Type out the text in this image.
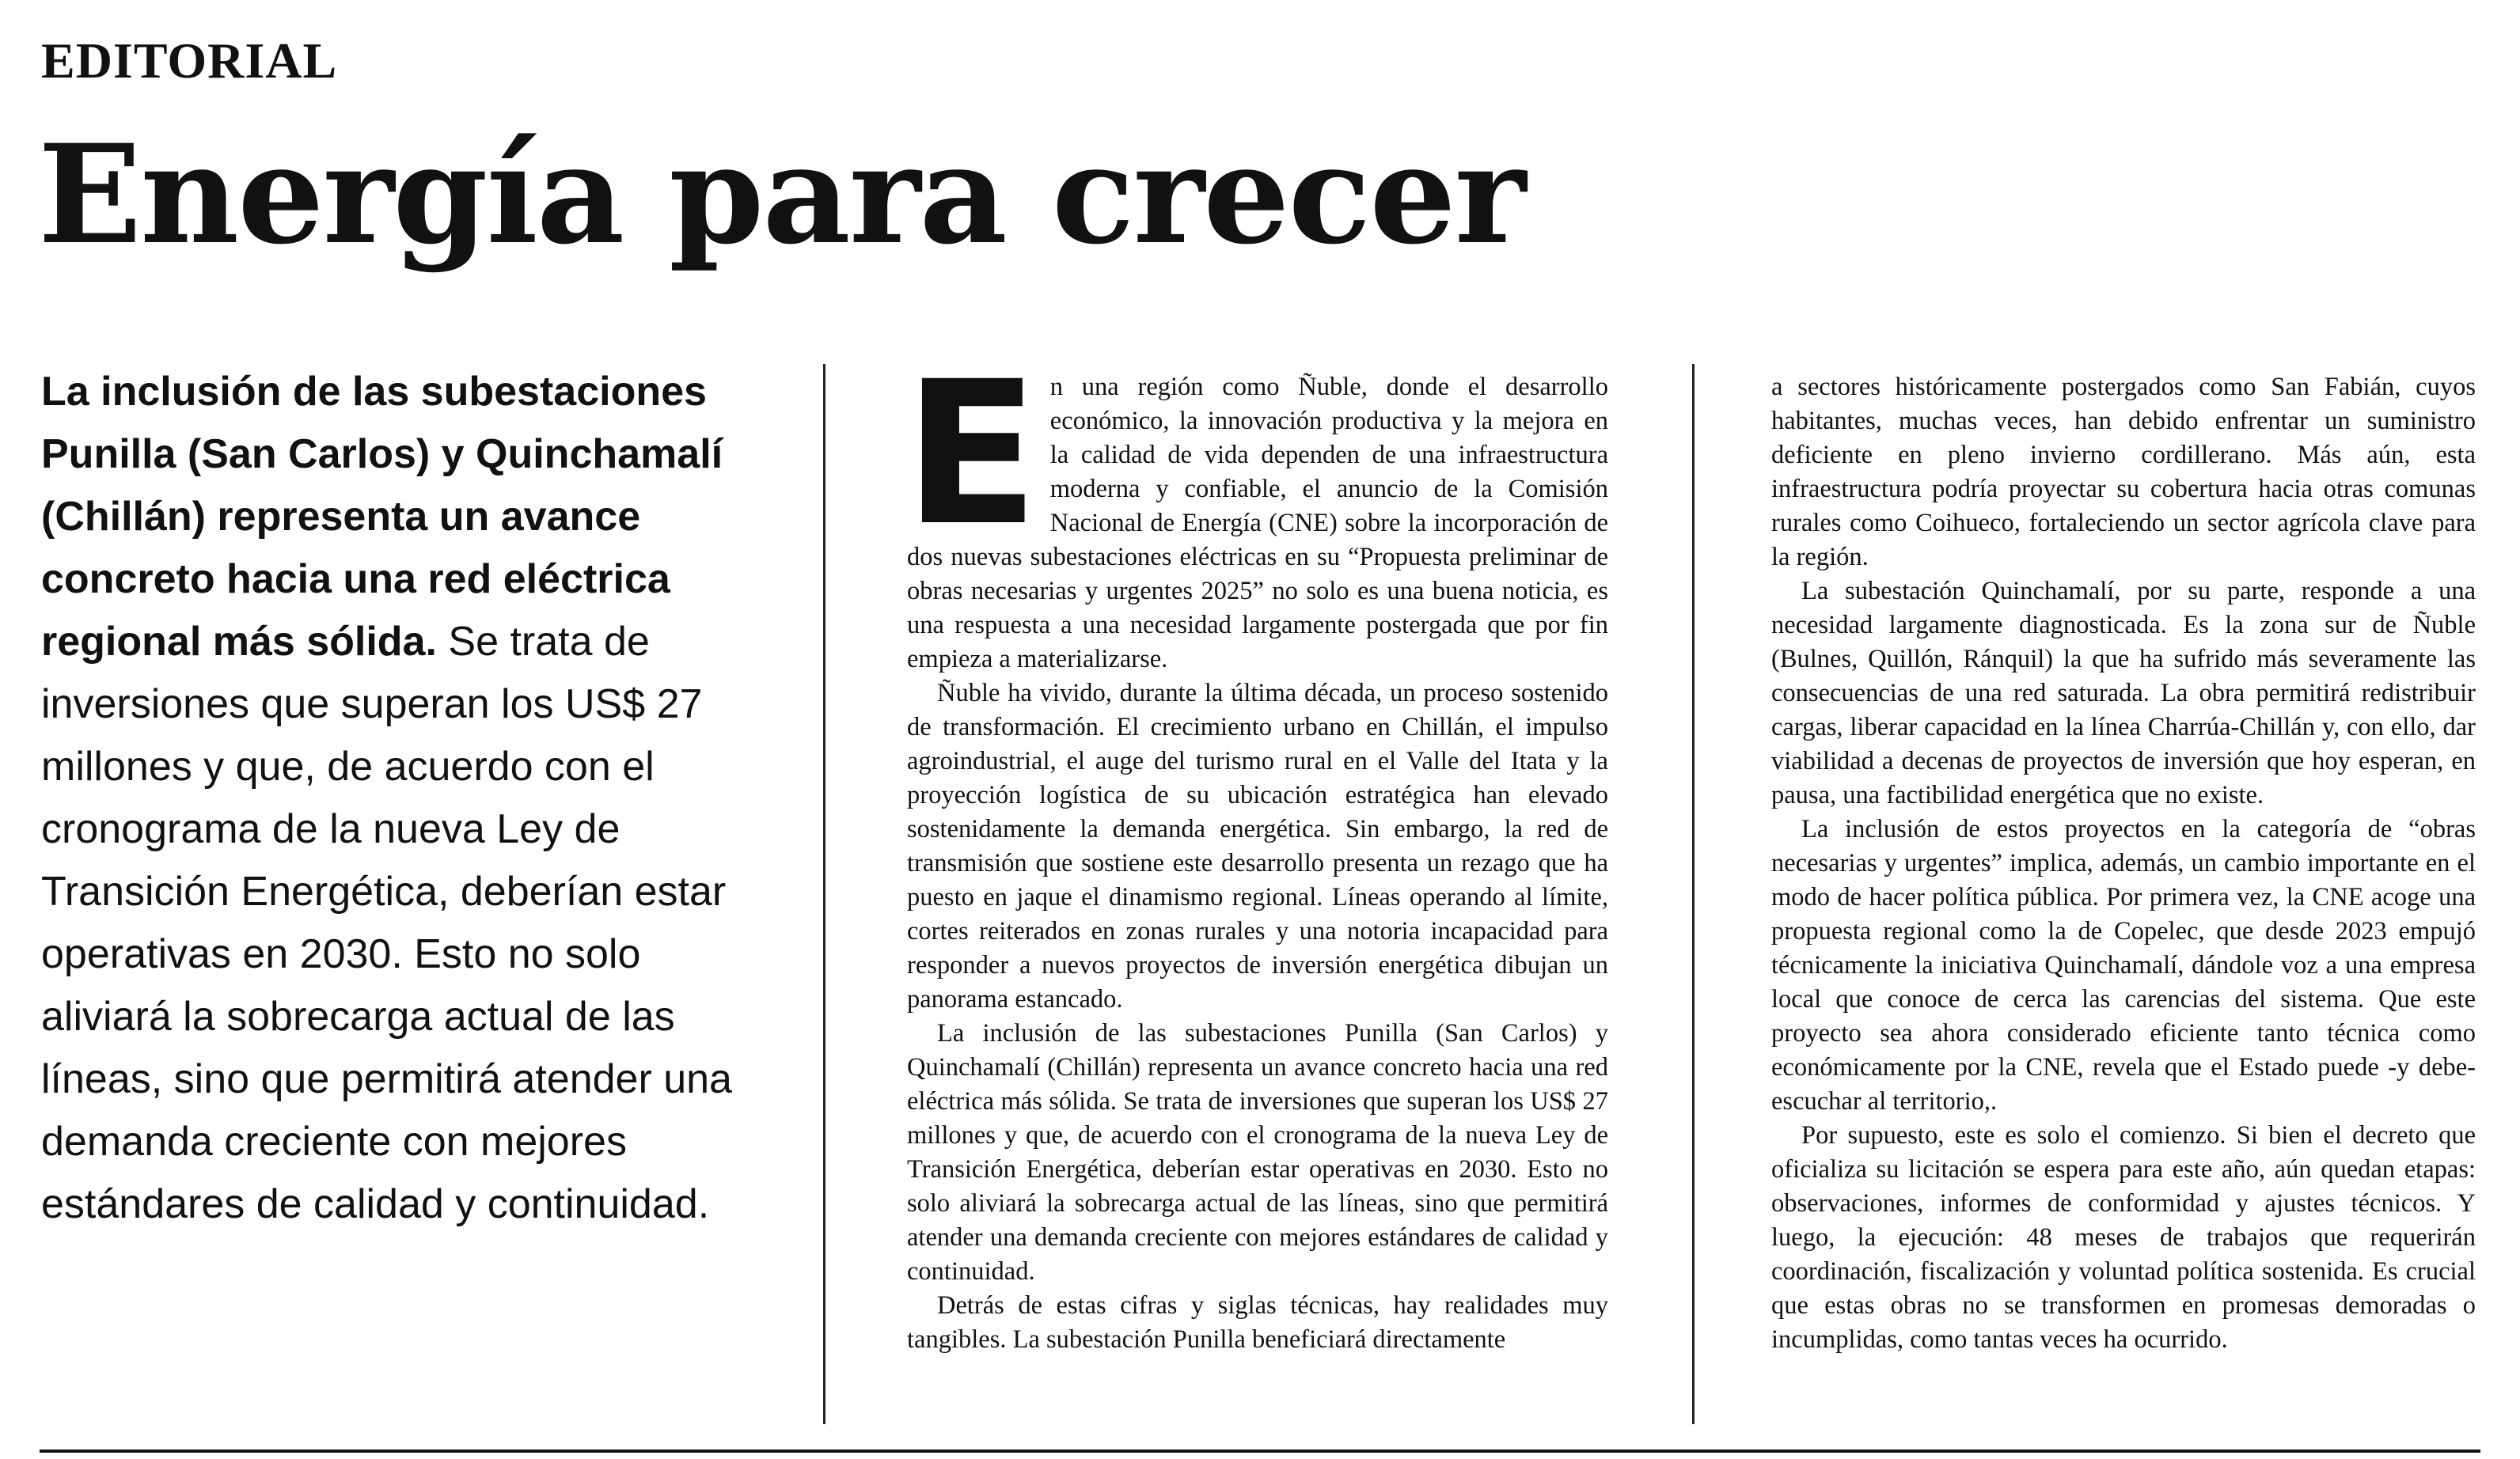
EDITORIAL
Energía para crecer

La inclusión de las subestaciones Punilla (San Carlos) y Quinchamalí (Chillán) representa un avance concreto hacia una red eléctrica regional más sólida. Se trata de inversiones que superan los US$ 27 millones y que, de acuerdo con el cronograma de la nueva Ley de Transición Energética, deberían estar operativas en 2030. Esto no solo aliviará la sobrecarga actual de las líneas, sino que permitirá atender una demanda creciente con mejores estándares de calidad y continuidad.

En una región como Ñuble, donde el desarrollo económico, la innovación productiva y la mejora en la calidad de vida dependen de una infraestructura moderna y confiable, el anuncio de la Comisión Nacional de Energía (CNE) sobre la incorporación de dos nuevas subestaciones eléctricas en su “Propuesta preliminar de obras necesarias y urgentes 2025” no solo es una buena noticia, es una respuesta a una necesidad largamente postergada que por fin empieza a materializarse.

Ñuble ha vivido, durante la última década, un proceso sostenido de transformación. El crecimiento urbano en Chillán, el impulso agroindustrial, el auge del turismo rural en el Valle del Itata y la proyección logística de su ubicación estratégica han elevado sostenidamente la demanda energética. Sin embargo, la red de transmisión que sostiene este desarrollo presenta un rezago que ha puesto en jaque el dinamismo regional. Líneas operando al límite, cortes reiterados en zonas rurales y una notoria incapacidad para responder a nuevos proyectos de inversión energética dibujan un panorama estancado.

La inclusión de las subestaciones Punilla (San Carlos) y Quinchamalí (Chillán) representa un avance concreto hacia una red eléctrica más sólida. Se trata de inversiones que superan los US$ 27 millones y que, de acuerdo con el cronograma de la nueva Ley de Transición Energética, deberían estar operativas en 2030. Esto no solo aliviará la sobrecarga actual de las líneas, sino que permitirá atender una demanda creciente con mejores estándares de calidad y continuidad.

Detrás de estas cifras y siglas técnicas, hay realidades muy tangibles. La subestación Punilla beneficiará directamente

a sectores históricamente postergados como San Fabián, cuyos habitantes, muchas veces, han debido enfrentar un suministro deficiente en pleno invierno cordillerano. Más aún, esta infraestructura podría proyectar su cobertura hacia otras comunas rurales como Coihueco, fortaleciendo un sector agrícola clave para la región.

La subestación Quinchamalí, por su parte, responde a una necesidad largamente diagnosticada. Es la zona sur de Ñuble (Bulnes, Quillón, Ránquil) la que ha sufrido más severamente las consecuencias de una red saturada. La obra permitirá redistribuir cargas, liberar capacidad en la línea Charrúa-Chillán y, con ello, dar viabilidad a decenas de proyectos de inversión que hoy esperan, en pausa, una factibilidad energética que no existe.

La inclusión de estos proyectos en la categoría de “obras necesarias y urgentes” implica, además, un cambio importante en el modo de hacer política pública. Por primera vez, la CNE acoge una propuesta regional como la de Copelec, que desde 2023 empujó técnicamente la iniciativa Quinchamalí, dándole voz a una empresa local que conoce de cerca las carencias del sistema. Que este proyecto sea ahora considerado eficiente tanto técnica como económicamente por la CNE, revela que el Estado puede -y debe- escuchar al territorio,.

Por supuesto, este es solo el comienzo. Si bien el decreto que oficializa su licitación se espera para este año, aún quedan etapas: observaciones, informes de conformidad y ajustes técnicos. Y luego, la ejecución: 48 meses de trabajos que requerirán coordinación, fiscalización y voluntad política sostenida. Es crucial que estas obras no se transformen en promesas demoradas o incumplidas, como tantas veces ha ocurrido.
